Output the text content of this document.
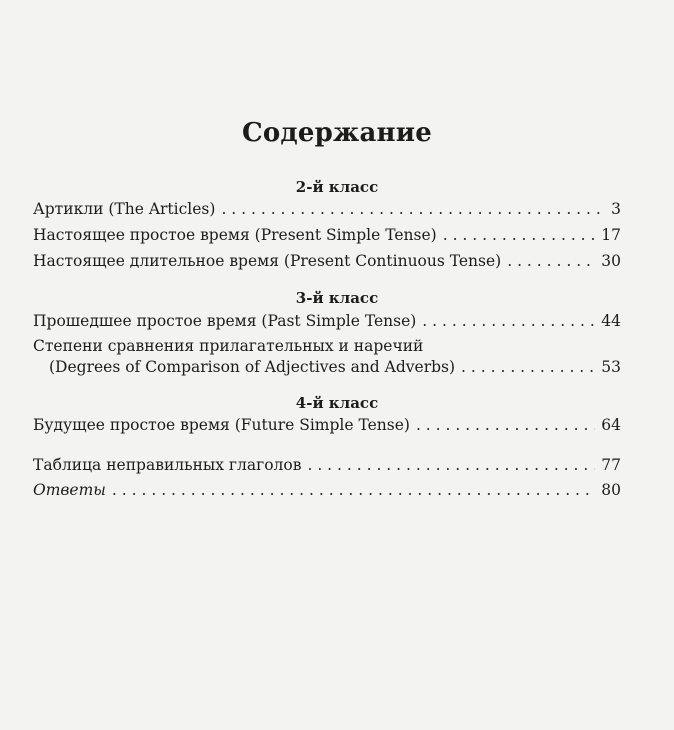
Содержание
2-й класс
Артикли (The Articles) . . .	3
Настоящее простое время (Present Simple Tense) . . .	17
Настоящее длительное время (Present Continuous Tense) . . .	30
3-й класс
Прошедшее простое время (Past Simple Tense) . . .	44
Степени сравнения прилагательных и наречий
(Degrees of Comparison of Adjectives and Adverbs) . . .	53
4-й класс
Будущее простое время (Future Simple Tense) . . .	64
Таблица неправильных глаголов . . .	77
Ответы . . .	80
